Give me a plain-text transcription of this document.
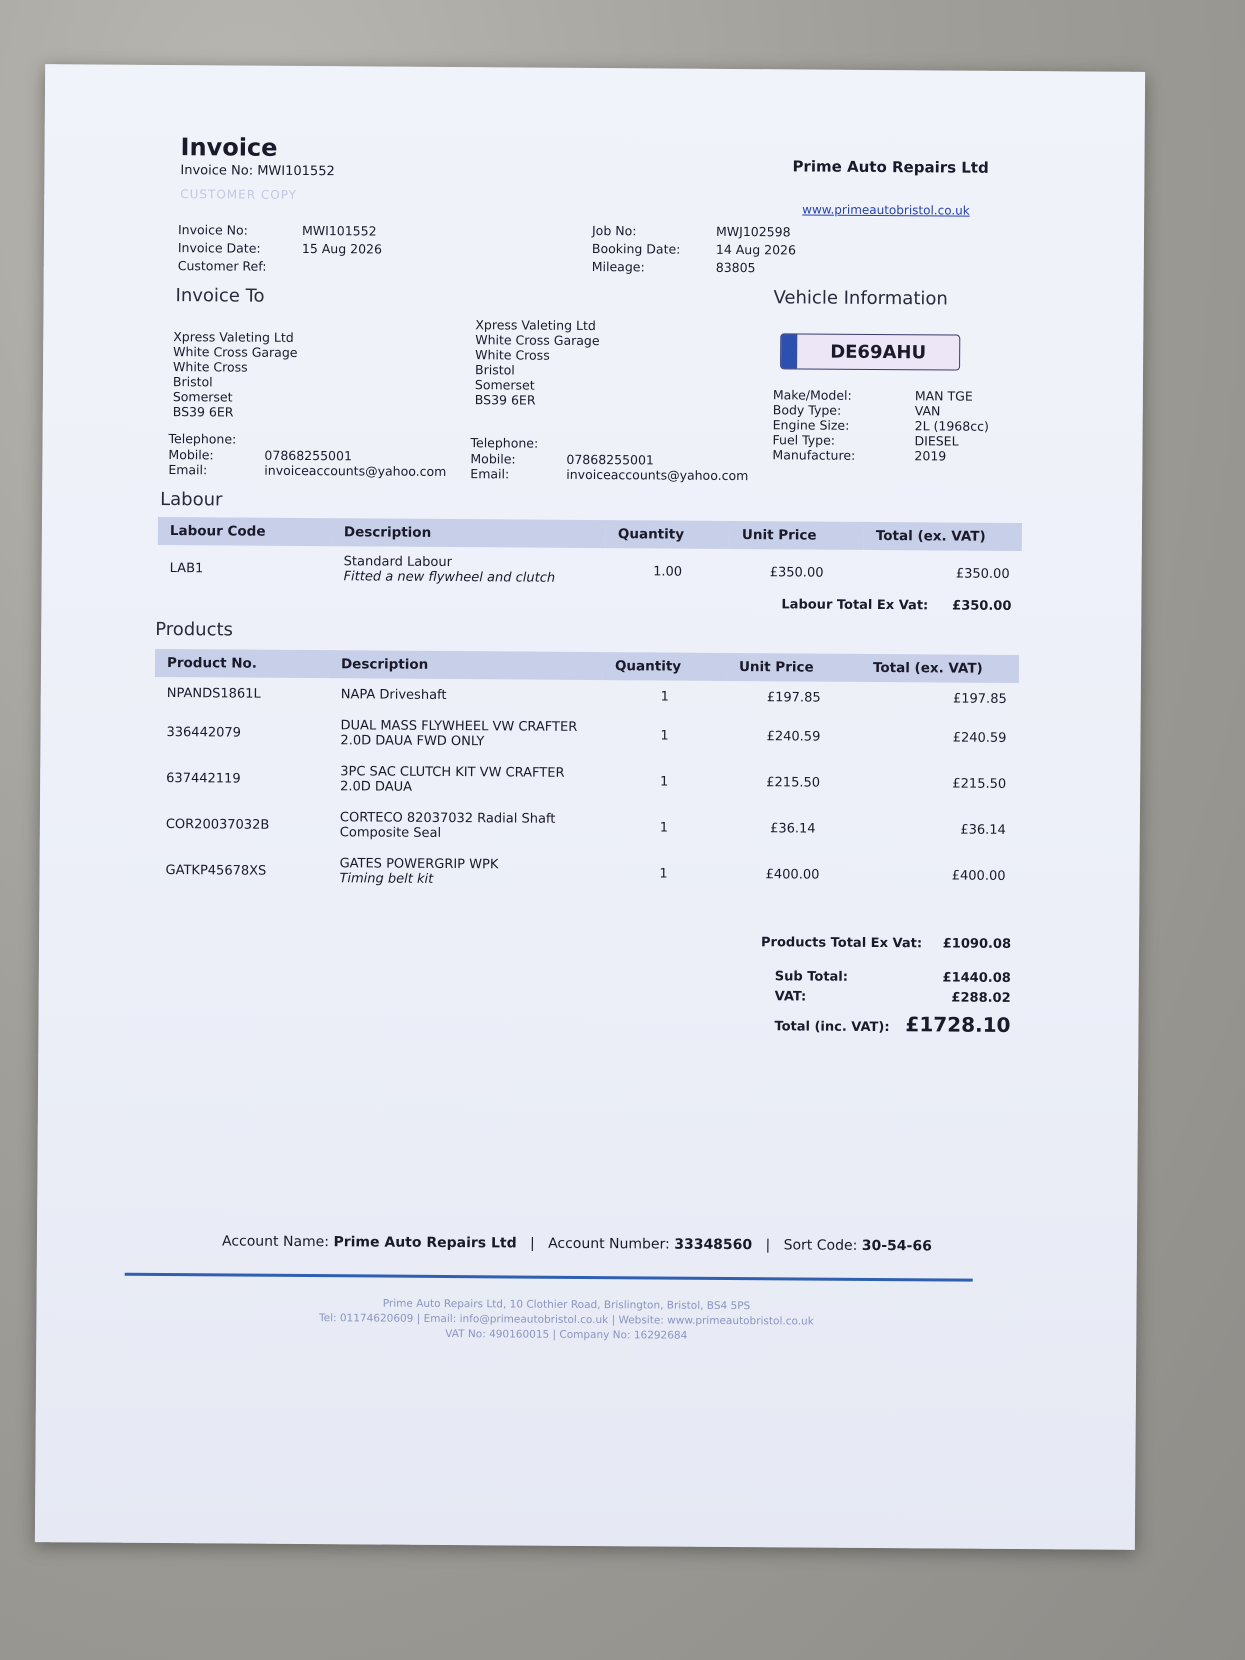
Invoice
Invoice No: MWI101552
CUSTOMER COPY
Prime Auto Repairs Ltd
www.primeautobristol.co.uk
Invoice No:	MWI101552
Invoice Date:	15 Aug 2026
Customer Ref:
Job No:	MWJ102598
Booking Date:	14 Aug 2026
Mileage:	83805
Invoice To
Xpress Valeting Ltd
White Cross Garage
White Cross
Bristol
Somerset
BS39 6ER
Xpress Valeting Ltd
White Cross Garage
White Cross
Bristol
Somerset
BS39 6ER
Telephone:
Mobile:	07868255001
Email:	invoiceaccounts@yahoo.com
Telephone:
Mobile:	07868255001
Email:	invoiceaccounts@yahoo.com
Vehicle Information
DE69AHU
Make/Model:	MAN TGE
Body Type:	VAN
Engine Size:	2L (1968cc)
Fuel Type:	DIESEL
Manufacture:	2019
Labour
Labour Code	Description	Quantity	Unit Price	Total (ex. VAT)
LAB1	Standard Labour
Fitted a new flywheel and clutch	1.00	£350.00	£350.00
Labour Total Ex Vat: £350.00
Products
Product No.	Description	Quantity	Unit Price	Total (ex. VAT)
NPANDS1861L	NAPA Driveshaft	1	£197.85	£197.85
336442079	DUAL MASS FLYWHEEL VW CRAFTER
2.0D DAUA FWD ONLY	1	£240.59	£240.59
637442119	3PC SAC CLUTCH KIT VW CRAFTER
2.0D DAUA	1	£215.50	£215.50
COR20037032B	CORTECO 82037032 Radial Shaft
Composite Seal	1	£36.14	£36.14
GATKP45678XS	GATES POWERGRIP WPK
Timing belt kit	1	£400.00	£400.00
Products Total Ex Vat: £1090.08
Sub Total:	£1440.08
VAT:	£288.02
Total (inc. VAT): £1728.10
Account Name: Prime Auto Repairs Ltd   |   Account Number: 33348560   |   Sort Code: 30-54-66
Prime Auto Repairs Ltd, 10 Clothier Road, Brislington, Bristol, BS4 5PS
Tel: 01174620609 | Email: info@primeautobristol.co.uk | Website: www.primeautobristol.co.uk
VAT No: 490160015 | Company No: 16292684
